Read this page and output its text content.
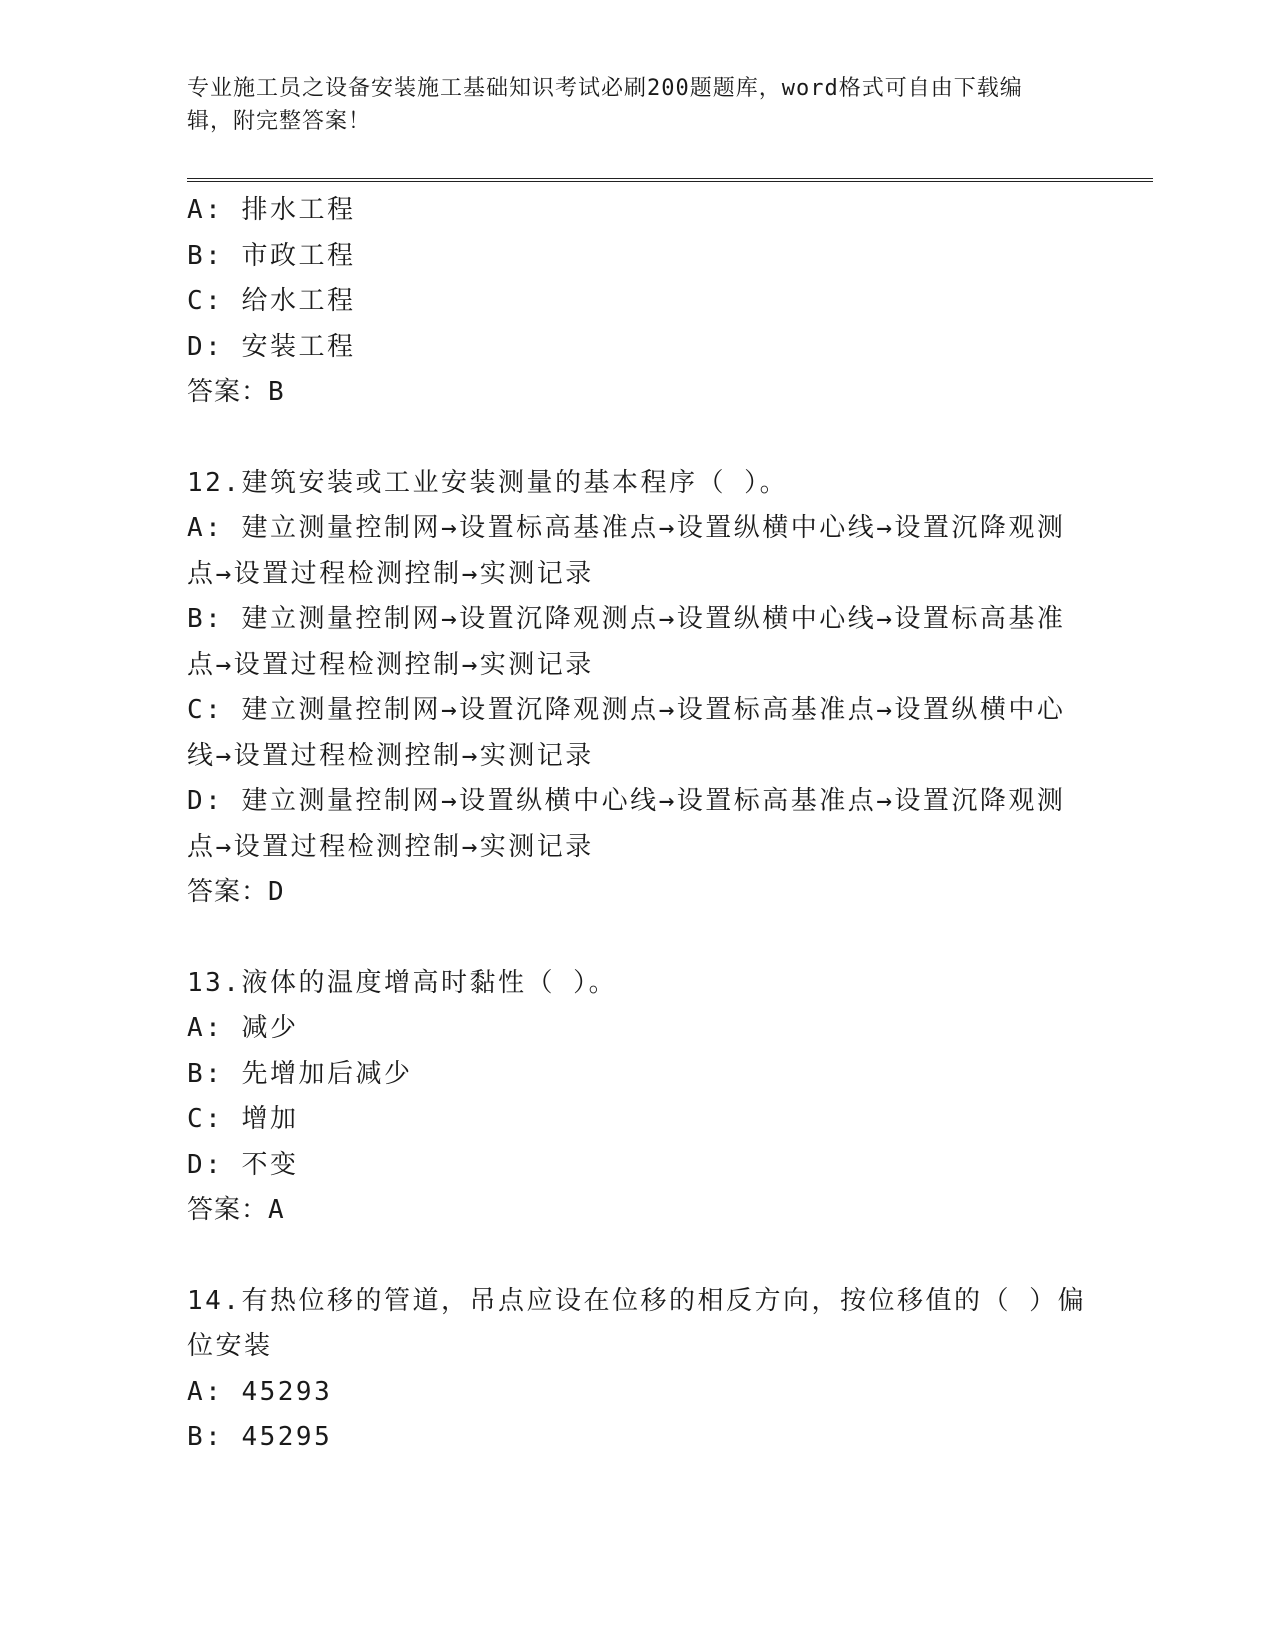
专业施工员之设备安装施工基础知识考试必刷200题题库，word格式可自由下载编辑，附完整答案！
A: 排水工程
B: 市政工程
C: 给水工程
D: 安装工程
答案：B
12.建筑安装或工业安装测量的基本程序（ ）。
A: 建立测量控制网→设置标高基准点→设置纵横中心线→设置沉降观测点→设置过程检测控制→实测记录
B: 建立测量控制网→设置沉降观测点→设置纵横中心线→设置标高基准点→设置过程检测控制→实测记录
C: 建立测量控制网→设置沉降观测点→设置标高基准点→设置纵横中心线→设置过程检测控制→实测记录
D: 建立测量控制网→设置纵横中心线→设置标高基准点→设置沉降观测点→设置过程检测控制→实测记录
答案：D
13.液体的温度增高时黏性（ ）。
A: 减少
B: 先增加后减少
C: 增加
D: 不变
答案：A
14.有热位移的管道，吊点应设在位移的相反方向，按位移值的（ ）偏位安装
A: 45293
B: 45295
